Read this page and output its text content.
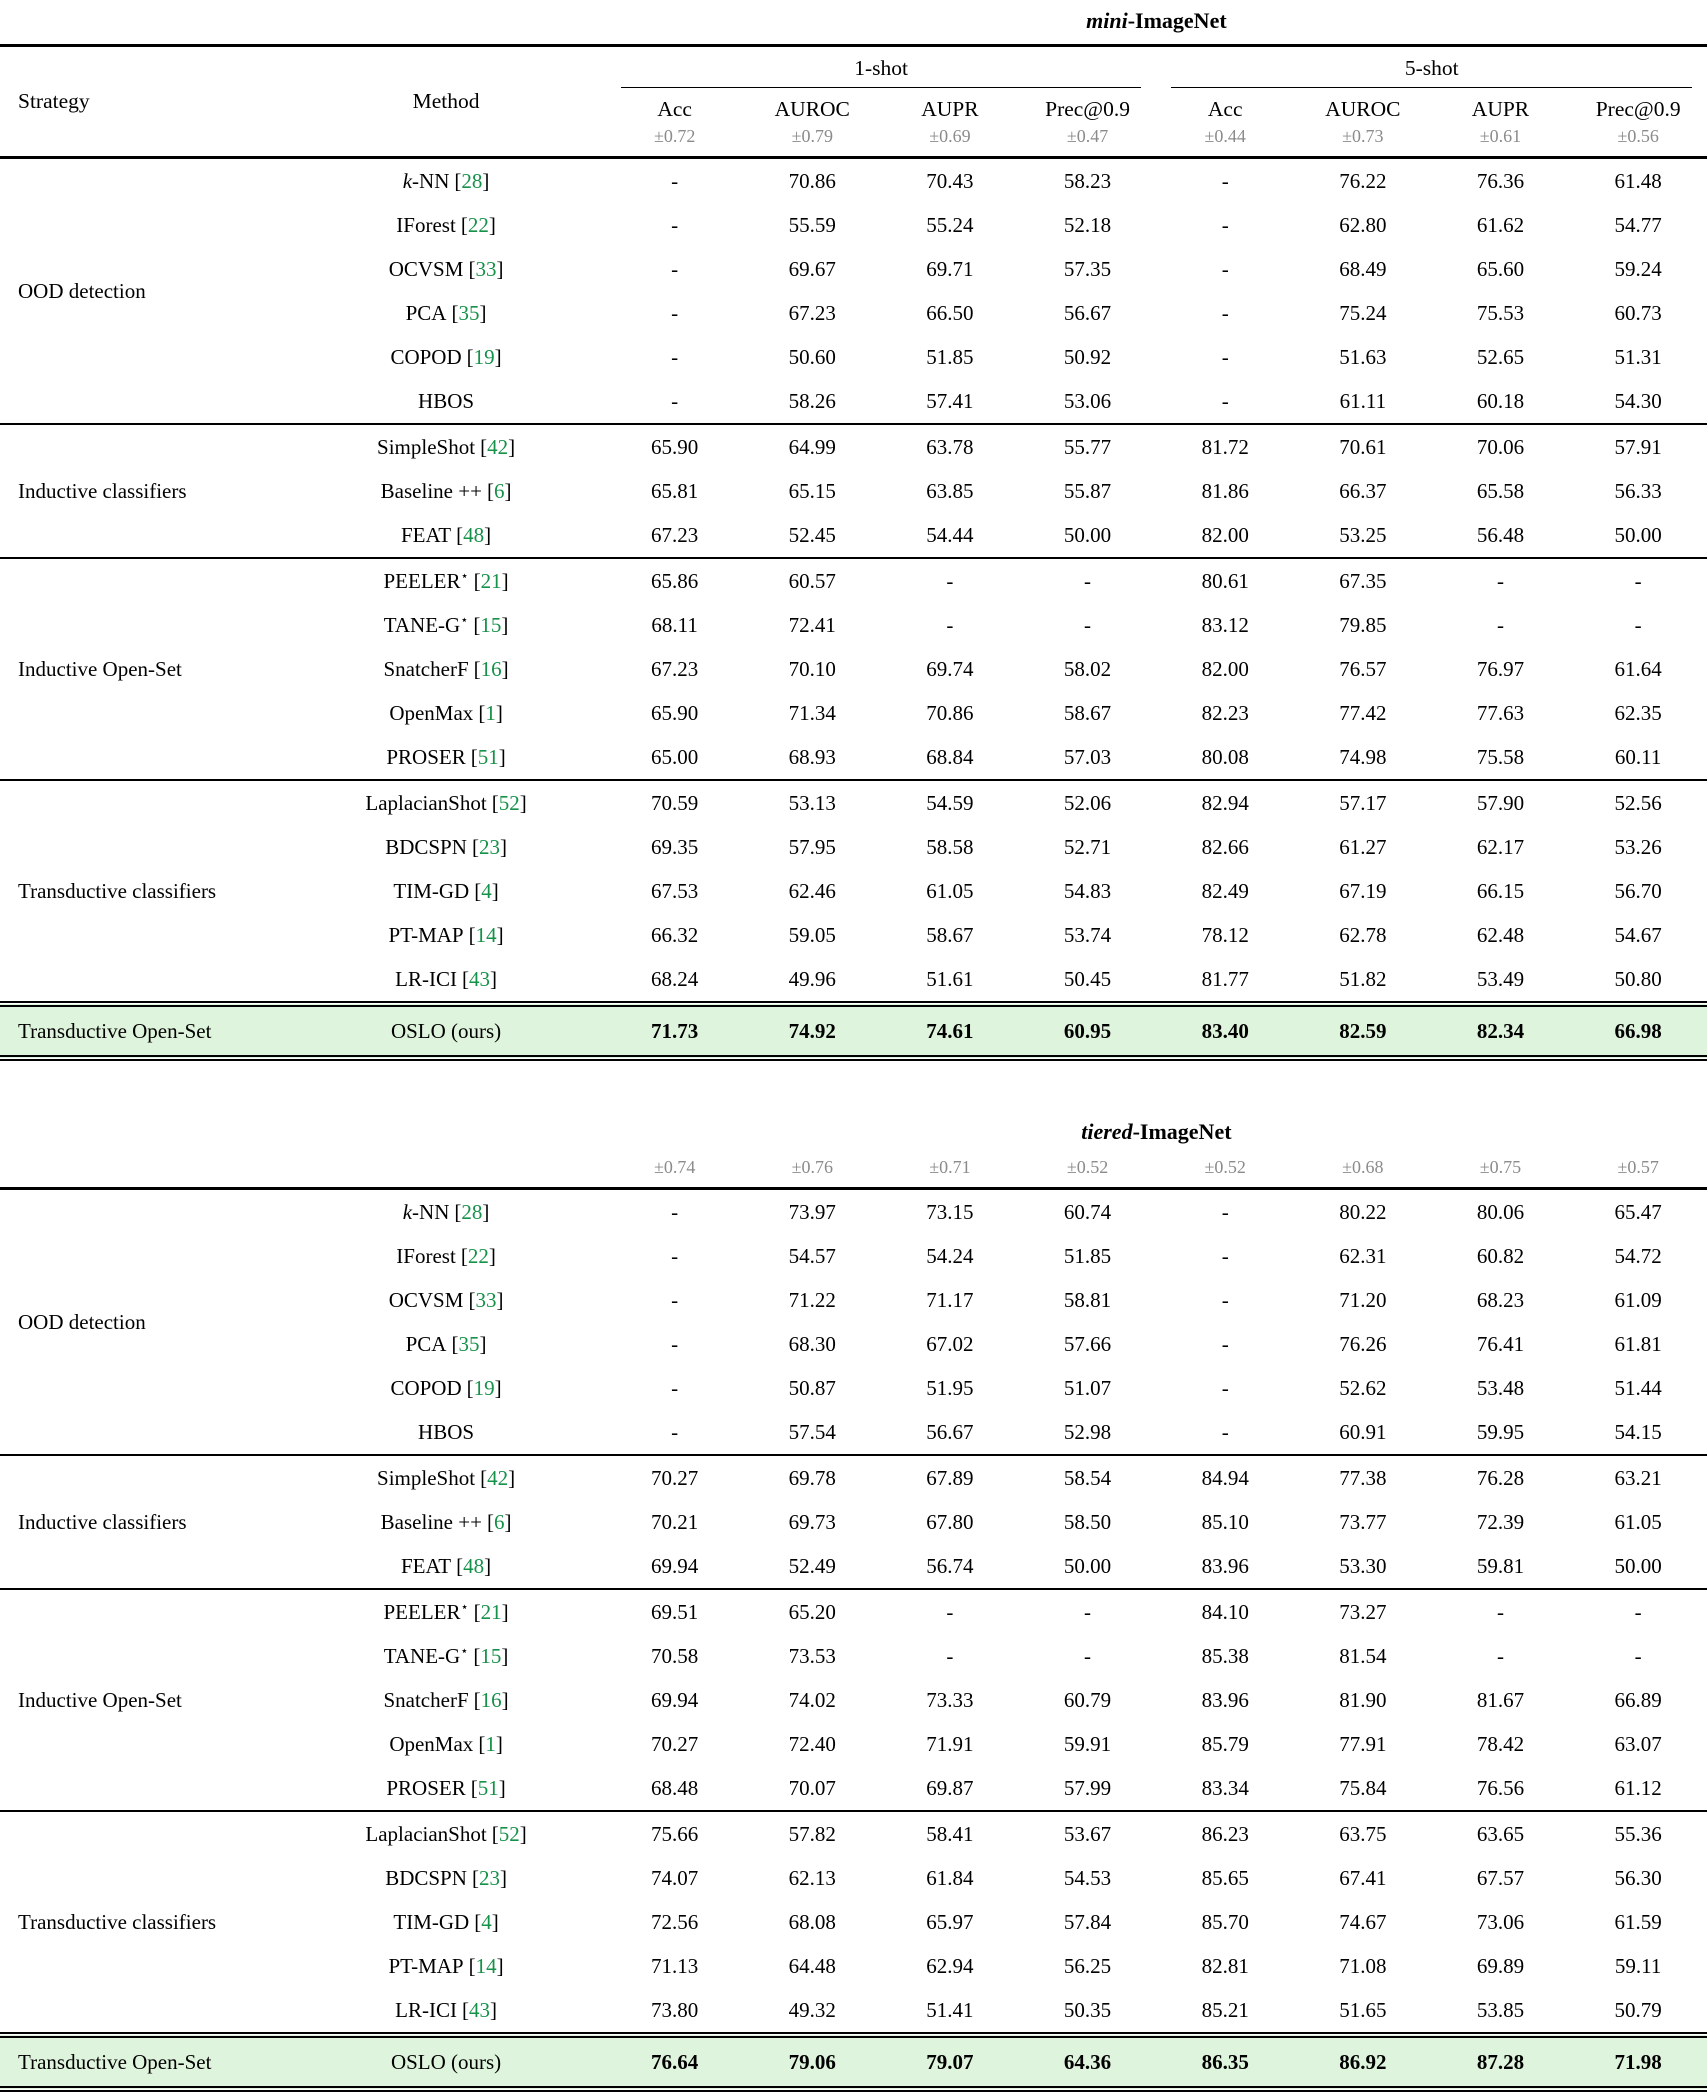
		mini-ImageNet							
Strategy	Method	1-shot				5-shot			

		Acc	AUROC	AUPR	Prec@0.9	Acc	AUROC	AUPR	Prec@0.9
		±0.72	±0.79	±0.69	±0.47	±0.44	±0.73	±0.61	±0.56
OOD detection	k-NN [28]	-	70.86	70.43	58.23	-	76.22	76.36	61.48
	IForest [22]	-	55.59	55.24	52.18	-	62.80	61.62	54.77
	OCVSM [33]	-	69.67	69.71	57.35	-	68.49	65.60	59.24
	PCA [35]	-	67.23	66.50	56.67	-	75.24	75.53	60.73
	COPOD [19]	-	50.60	51.85	50.92	-	51.63	52.65	51.31
	HBOS	-	58.26	57.41	53.06	-	61.11	60.18	54.30
Inductive classifiers	SimpleShot [42]	65.90	64.99	63.78	55.77	81.72	70.61	70.06	57.91
	Baseline ++ [6]	65.81	65.15	63.85	55.87	81.86	66.37	65.58	56.33
	FEAT [48]	67.23	52.45	54.44	50.00	82.00	53.25	56.48	50.00
Inductive Open-Set	PEELER⋆ [21]	65.86	60.57	-	-	80.61	67.35	-	-
	TANE-G⋆ [15]	68.11	72.41	-	-	83.12	79.85	-	-
	SnatcherF [16]	67.23	70.10	69.74	58.02	82.00	76.57	76.97	61.64
	OpenMax [1]	65.90	71.34	70.86	58.67	82.23	77.42	77.63	62.35
	PROSER [51]	65.00	68.93	68.84	57.03	80.08	74.98	75.58	60.11
Transductive classifiers	LaplacianShot [52]	70.59	53.13	54.59	52.06	82.94	57.17	57.90	52.56
	BDCSPN [23]	69.35	57.95	58.58	52.71	82.66	61.27	62.17	53.26
	TIM-GD [4]	67.53	62.46	61.05	54.83	82.49	67.19	66.15	56.70
	PT-MAP [14]	66.32	59.05	58.67	53.74	78.12	62.78	62.48	54.67
	LR-ICI [43]	68.24	49.96	51.61	50.45	81.77	51.82	53.49	50.80
Transductive Open-Set	OSLO (ours)	71.73	74.92	74.61	60.95	83.40	82.59	82.34	66.98
		tiered-ImageNet							
		±0.74	±0.76	±0.71	±0.52	±0.52	±0.68	±0.75	±0.57
OOD detection	k-NN [28]	-	73.97	73.15	60.74	-	80.22	80.06	65.47
	IForest [22]	-	54.57	54.24	51.85	-	62.31	60.82	54.72
	OCVSM [33]	-	71.22	71.17	58.81	-	71.20	68.23	61.09
	PCA [35]	-	68.30	67.02	57.66	-	76.26	76.41	61.81
	COPOD [19]	-	50.87	51.95	51.07	-	52.62	53.48	51.44
	HBOS	-	57.54	56.67	52.98	-	60.91	59.95	54.15
Inductive classifiers	SimpleShot [42]	70.27	69.78	67.89	58.54	84.94	77.38	76.28	63.21
	Baseline ++ [6]	70.21	69.73	67.80	58.50	85.10	73.77	72.39	61.05
	FEAT [48]	69.94	52.49	56.74	50.00	83.96	53.30	59.81	50.00
Inductive Open-Set	PEELER⋆ [21]	69.51	65.20	-	-	84.10	73.27	-	-
	TANE-G⋆ [15]	70.58	73.53	-	-	85.38	81.54	-	-
	SnatcherF [16]	69.94	74.02	73.33	60.79	83.96	81.90	81.67	66.89
	OpenMax [1]	70.27	72.40	71.91	59.91	85.79	77.91	78.42	63.07
	PROSER [51]	68.48	70.07	69.87	57.99	83.34	75.84	76.56	61.12
Transductive classifiers	LaplacianShot [52]	75.66	57.82	58.41	53.67	86.23	63.75	63.65	55.36
	BDCSPN [23]	74.07	62.13	61.84	54.53	85.65	67.41	67.57	56.30
	TIM-GD [4]	72.56	68.08	65.97	57.84	85.70	74.67	73.06	61.59
	PT-MAP [14]	71.13	64.48	62.94	56.25	82.81	71.08	69.89	59.11
	LR-ICI [43]	73.80	49.32	51.41	50.35	85.21	51.65	53.85	50.79
Transductive Open-Set	OSLO (ours)	76.64	79.06	79.07	64.36	86.35	86.92	87.28	71.98
